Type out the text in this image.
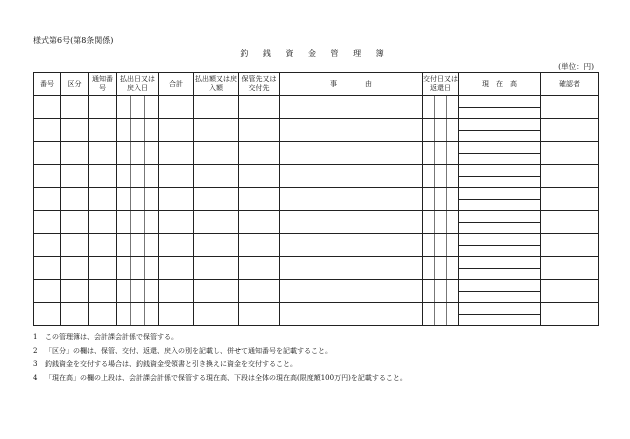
様式第6号(第8条関係)
釣 銭 資 金 管 理 簿
(単位：円)
番号	区分	通知番号	払出日又は戻入日	合計	払出額又は戻入額	保管先又は交付先	事　　　　由	交付日又は返還日	現　在　高	確認者

1 この管理簿は、会計課会計係で保管する。
2 「区分」の欄は、保管、交付、返還、戻入の別を記載し、併せて通知番号を記載すること。
3 釣銭資金を交付する場合は、釣銭資金受領書と引き換えに資金を交付すること。
4 「現在高」の欄の上段は、会計課会計係で保管する現在高、下段は全体の現在高(限度額100万円)を記載すること。
